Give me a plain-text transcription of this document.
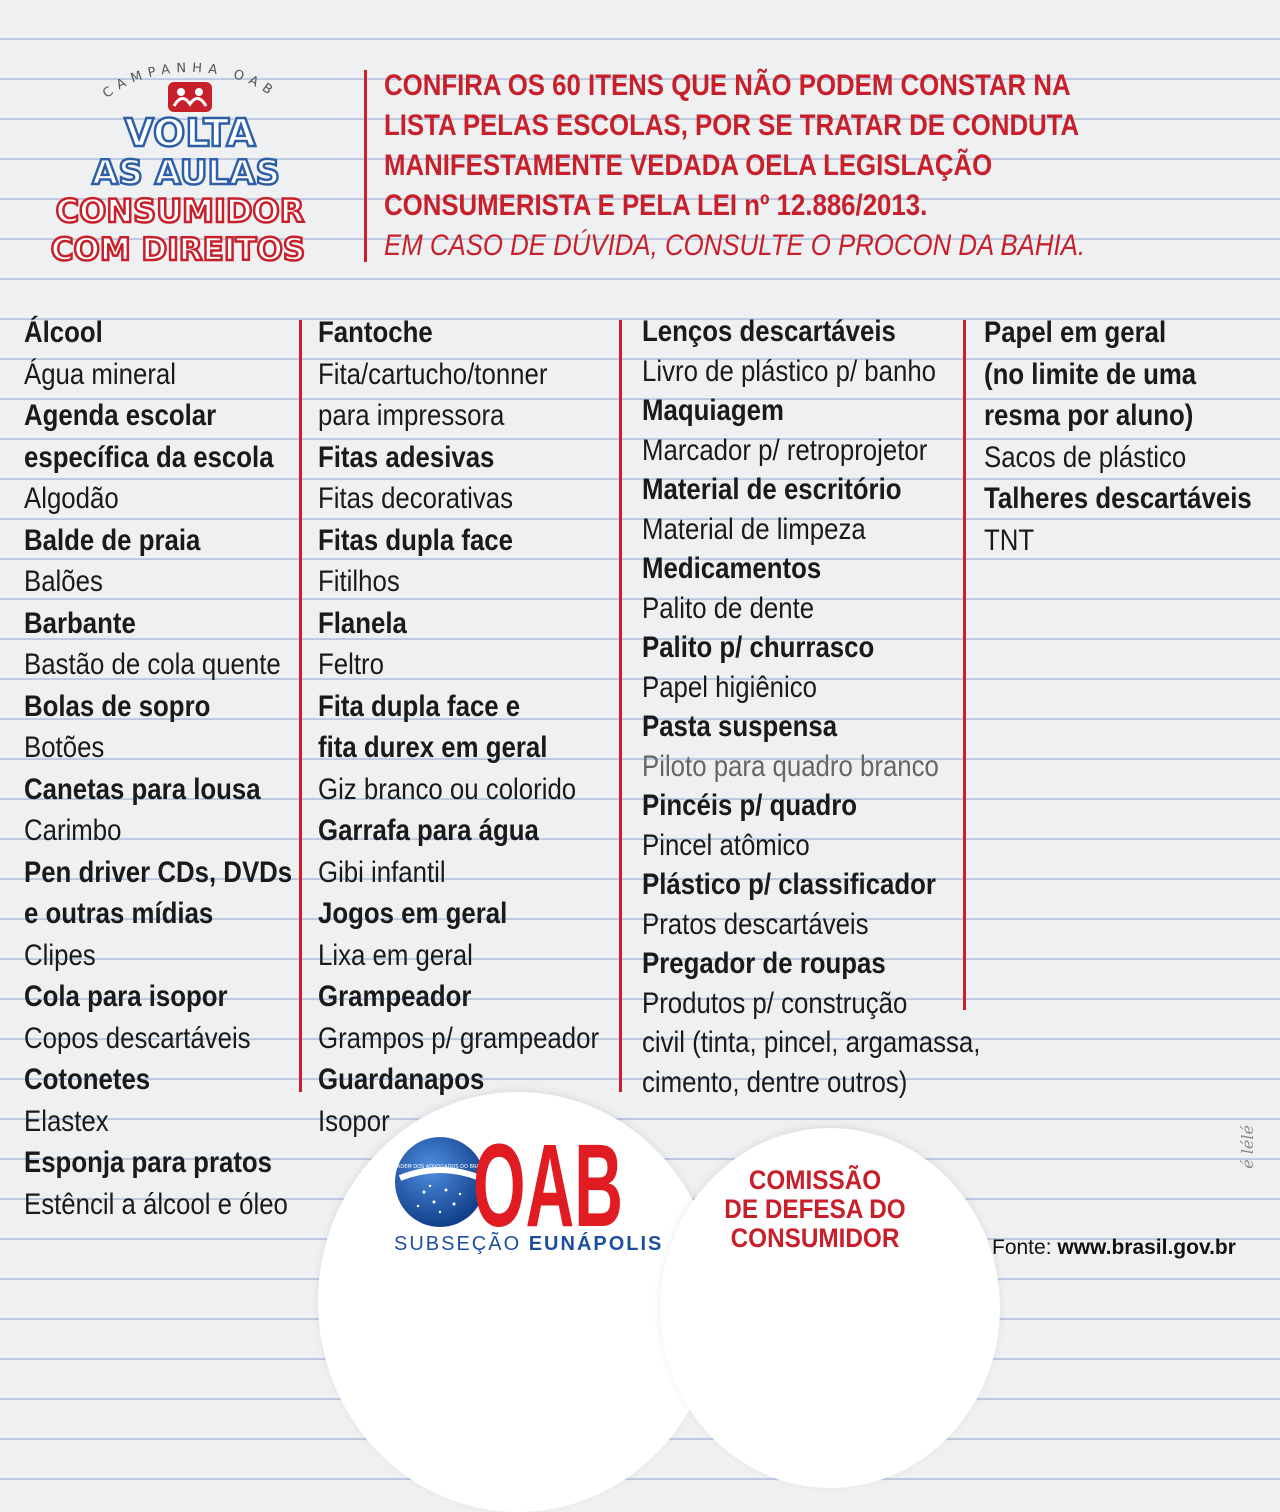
CAMPANHA OAB
VOLTA
AS AULAS
CONSUMIDOR
COM DIREITOS
CONFIRA OS 60 ITENS QUE NÃO PODEM CONSTAR NA
LISTA PELAS ESCOLAS, POR SE TRATAR DE CONDUTA
MANIFESTAMENTE VEDADA OELA LEGISLAÇÃO
CONSUMERISTA E PELA LEI nº 12.886/2013.
EM CASO DE DÚVIDA, CONSULTE O PROCON DA BAHIA.
Álcool
Água mineral
Agenda escolar
específica da escola
Algodão
Balde de praia
Balões
Barbante
Bastão de cola quente
Bolas de sopro
Botões
Canetas para lousa
Carimbo
Pen driver CDs, DVDs
e outras mídias
Clipes
Cola para isopor
Copos descartáveis
Cotonetes
Elastex
Esponja para pratos
Estêncil a álcool e óleo
Fantoche
Fita/cartucho/tonner
para impressora
Fitas adesivas
Fitas decorativas
Fitas dupla face
Fitilhos
Flanela
Feltro
Fita dupla face e
fita durex em geral
Giz branco ou colorido
Garrafa para água
Gibi infantil
Jogos em geral
Lixa em geral
Grampeador
Grampos p/ grampeador
Guardanapos
Isopor
Lenços descartáveis
Livro de plástico p/ banho
Maquiagem
Marcador p/ retroprojetor
Material de escritório
Material de limpeza
Medicamentos
Palito de dente
Palito p/ churrasco
Papel higiênico
Pasta suspensa
Piloto para quadro branco
Pincéis p/ quadro
Pincel atômico
Plástico p/ classificador
Pratos descartáveis
Pregador de roupas
Produtos p/ construção
civil (tinta, pincel, argamassa,
cimento, dentre outros)
Papel em geral
(no limite de uma
resma por aluno)
Sacos de plástico
Talheres descartáveis
TNT
ORDEM DOS ADVOGADOS DO BRASIL
OAB
SUBSEÇÃO EUNÁPOLIS
COMISSÃO
DE DEFESA DO
CONSUMIDOR	Fonte: www.brasil.gov.br
é lélé
